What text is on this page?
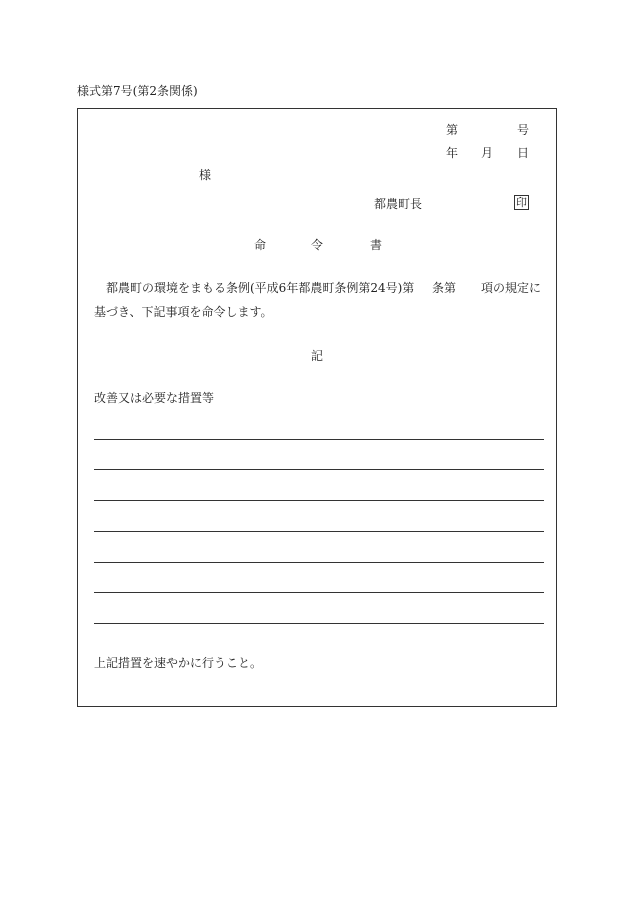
様式第7号(第2条関係)
第	号
年 月 日
様
都農町長	印
命	令	書
都農町の環境をまもる条例(平成6年都農町条例第24号)第 条第 項の規定に
基づき、下記事項を命令します。
記
改善又は必要な措置等
上記措置を速やかに行うこと。
